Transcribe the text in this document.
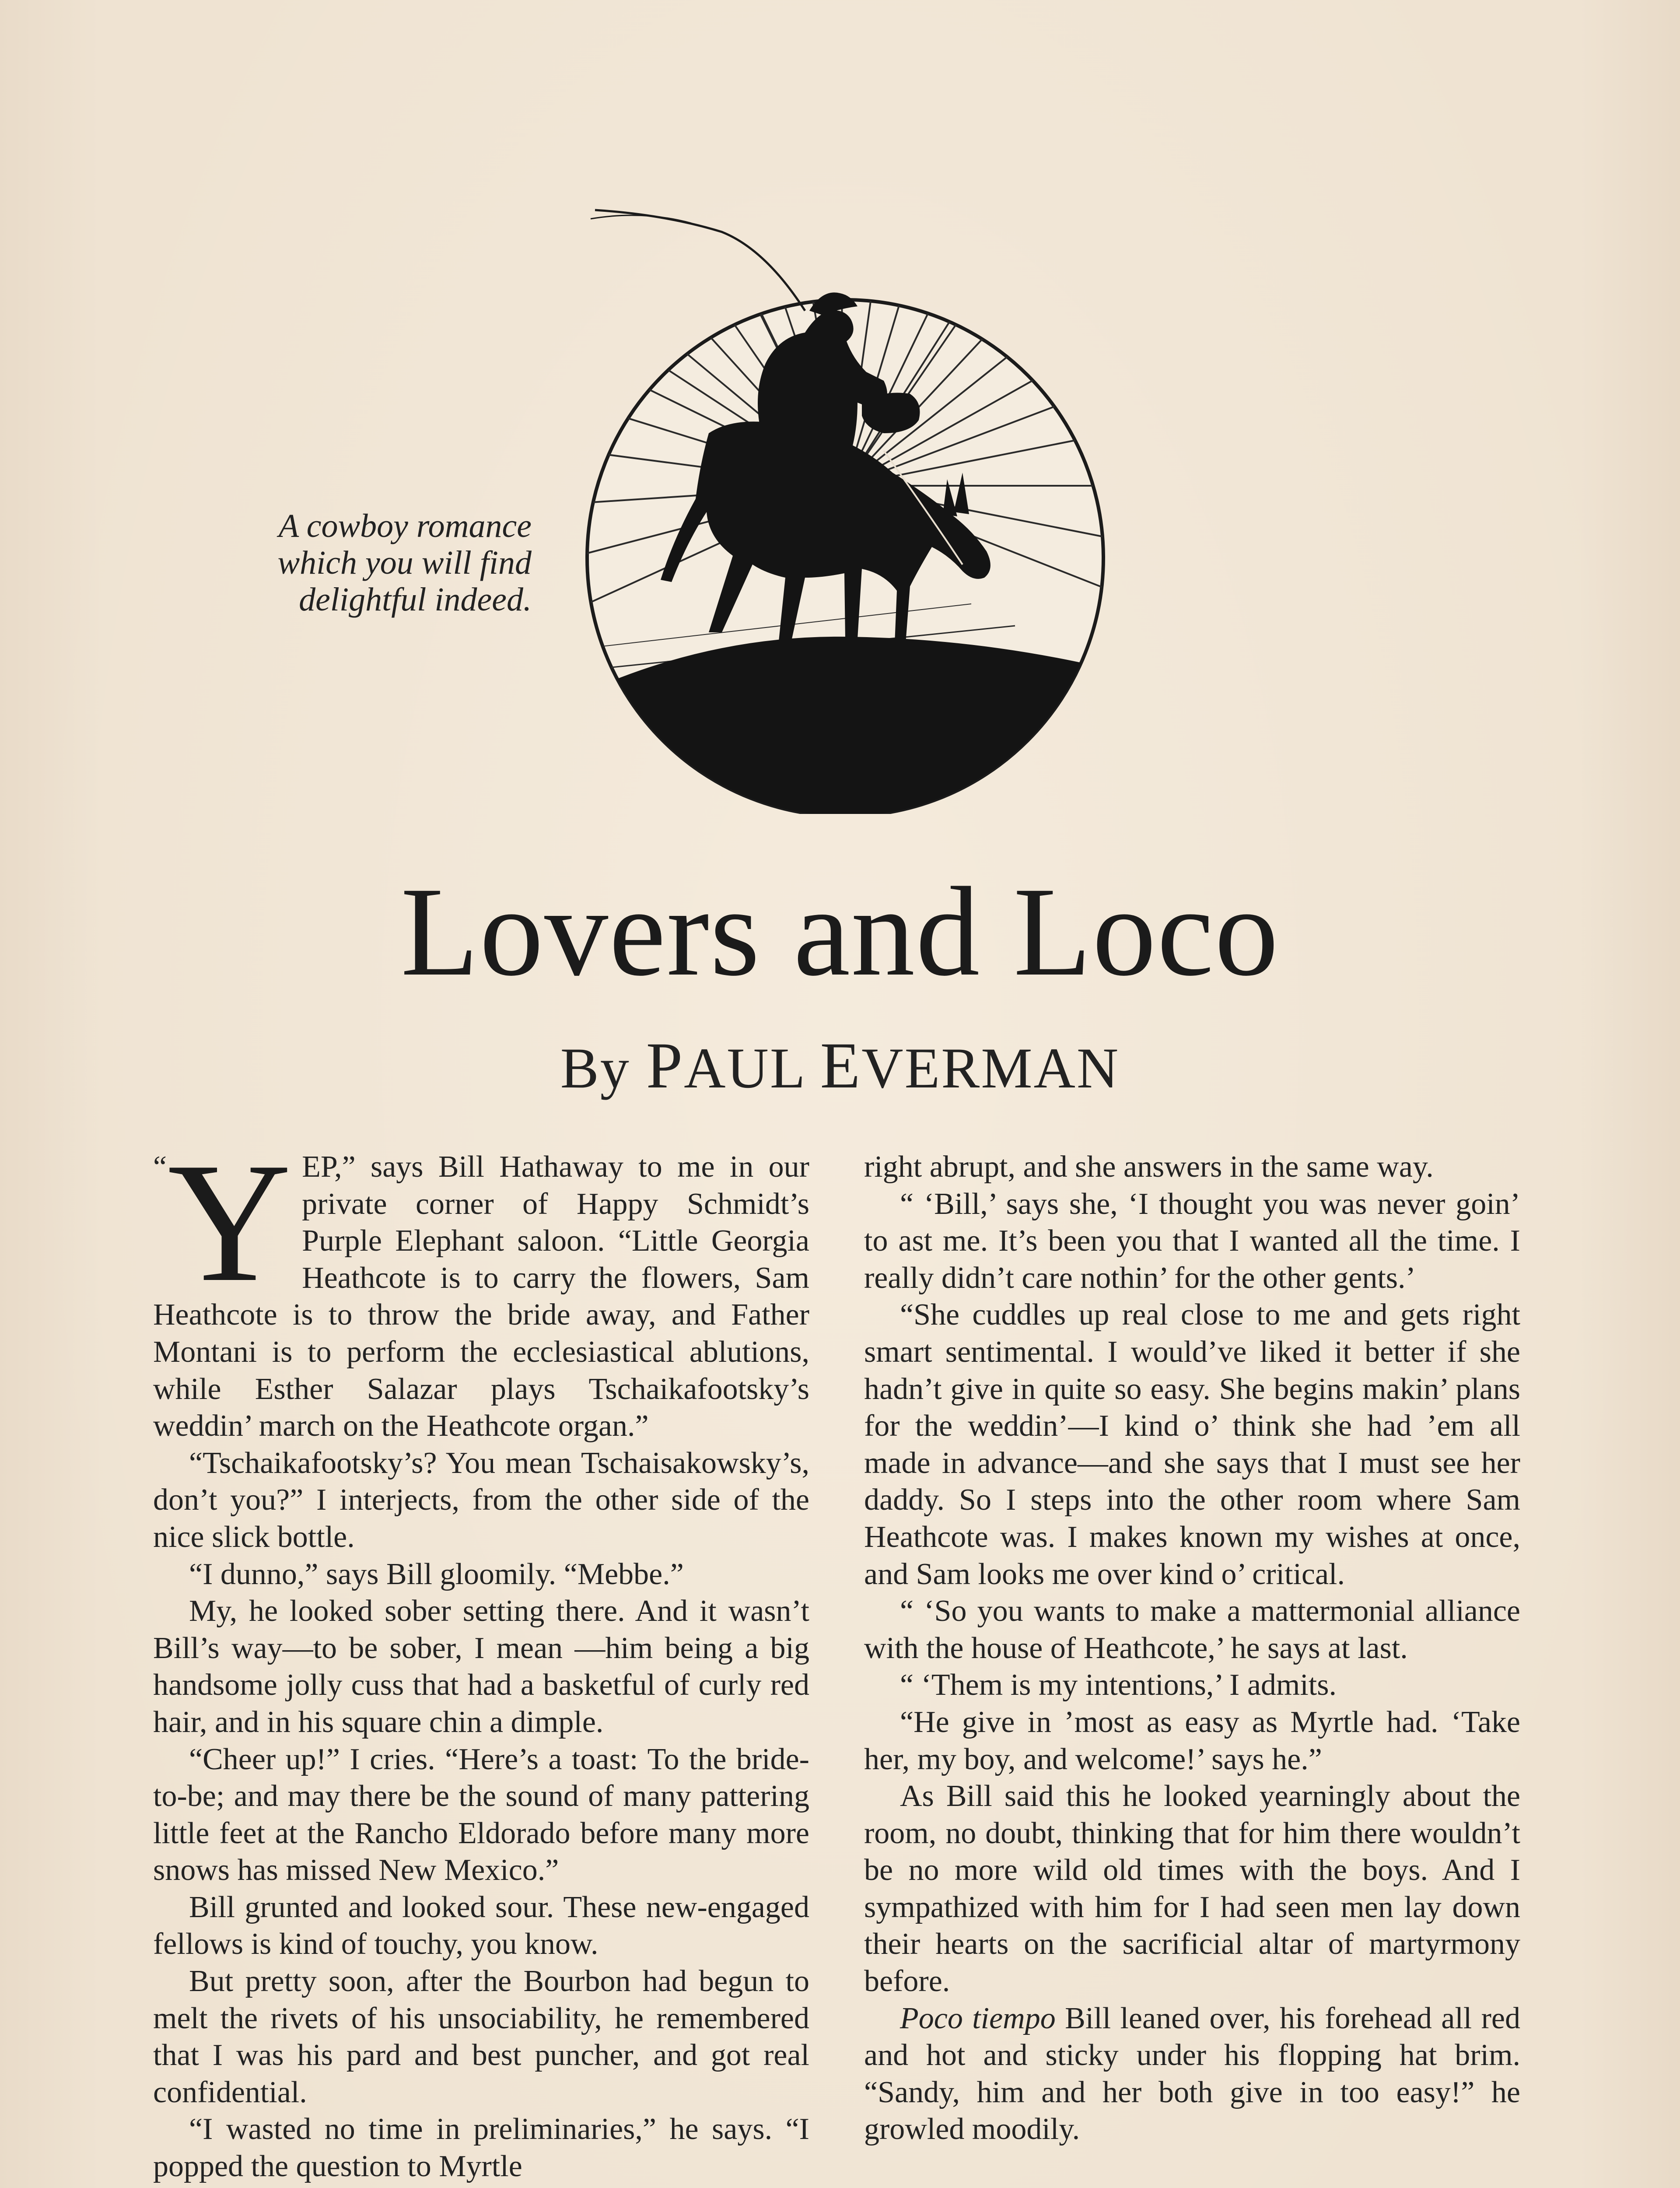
A cowboy romance
which you will find
delightful indeed.
Lovers and Loco
By PAUL EVERMAN

“ Y EP,” says Bill Hathaway to me in our private corner of Happy Schmidt’s Purple Elephant saloon. “Little Georgia Heathcote is to carry the flowers, Sam Heathcote is to throw the bride away, and Father Montani is to perform the ecclesiastical ablutions, while Esther Salazar plays Tschaikafootsky’s weddin’ march on the Heathcote organ.”

“Tschaikafootsky’s? You mean Tschaisakowsky’s, don’t you?” I interjects, from the other side of the nice slick bottle.

“I dunno,” says Bill gloomily. “Mebbe.”

My, he looked sober setting there. And it wasn’t Bill’s way—to be sober, I mean —him being a big handsome jolly cuss that had a basketful of curly red hair, and in his square chin a dimple.

“Cheer up!” I cries. “Here’s a toast: To the bride-to-be; and may there be the sound of many pattering little feet at the Rancho Eldorado before many more snows has missed New Mexico.”

Bill grunted and looked sour. These new-engaged fellows is kind of touchy, you know.

But pretty soon, after the Bourbon had begun to melt the rivets of his unsociability, he remembered that I was his pard and best puncher, and got real confidential.

“I wasted no time in preliminaries,” he says. “I popped the question to Myrtle

right abrupt, and she answers in the same way.

“ ‘Bill,’ says she, ‘I thought you was never goin’ to ast me. It’s been you that I wanted all the time. I really didn’t care nothin’ for the other gents.’

“She cuddles up real close to me and gets right smart sentimental. I would’ve liked it better if she hadn’t give in quite so easy. She begins makin’ plans for the weddin’—I kind o’ think she had ’em all made in advance—and she says that I must see her daddy. So I steps into the other room where Sam Heathcote was. I makes known my wishes at once, and Sam looks me over kind o’ critical.

“ ‘So you wants to make a mattermonial alliance with the house of Heathcote,’ he says at last.

“ ‘Them is my intentions,’ I admits.

“He give in ’most as easy as Myrtle had. ‘Take her, my boy, and welcome!’ says he.”

As Bill said this he looked yearningly about the room, no doubt, thinking that for him there wouldn’t be no more wild old times with the boys. And I sympathized with him for I had seen men lay down their hearts on the sacrificial altar of martyrmony before.

Poco tiempo Bill leaned over, his forehead all red and hot and sticky under his flopping hat brim. “Sandy, him and her both give in too easy!” he growled moodily.
